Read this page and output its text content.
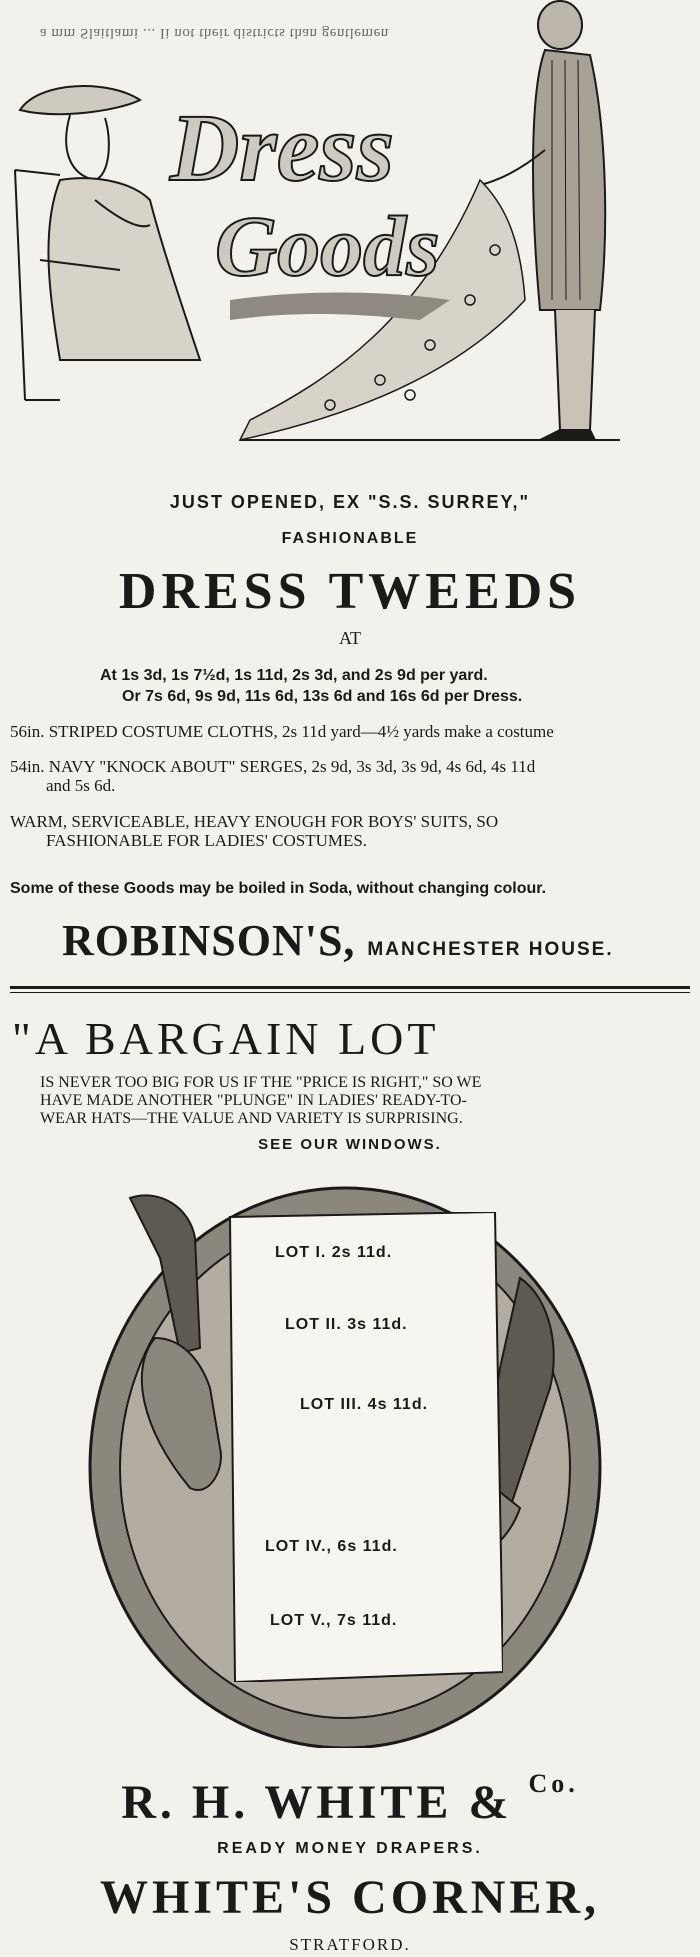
a mm Slaitlami ... Ii not their districts than gentlemen
Dress
Goods
JUST OPENED, EX "S.S. SURREY,"
FASHIONABLE
DRESS TWEEDS
AT
At 1s 3d, 1s 7½d, 1s 11d, 2s 3d, and 2s 9d per yard.
Or 7s 6d, 9s 9d, 11s 6d, 13s 6d and 16s 6d per Dress.
56in. STRIPED COSTUME CLOTHS, 2s 11d yard—4½ yards make a costume
54in. NAVY "KNOCK ABOUT" SERGES, 2s 9d, 3s 3d, 3s 9d, 4s 6d, 4s 11d
and 5s 6d.
WARM, SERVICEABLE, HEAVY ENOUGH FOR BOYS' SUITS, SO
FASHIONABLE FOR LADIES' COSTUMES.
Some of these Goods may be boiled in Soda, without changing colour.
ROBINSON'S, MANCHESTER HOUSE.
"A BARGAIN LOT
IS NEVER TOO BIG FOR US IF THE "PRICE IS RIGHT," SO WE
HAVE MADE ANOTHER "PLUNGE" IN LADIES' READY-TO-
WEAR HATS—THE VALUE AND VARIETY IS SURPRISING.
SEE OUR WINDOWS.
LOT I. 2s 11d.
LOT II. 3s 11d.
LOT III. 4s 11d.
LOT IV., 6s 11d.
LOT V., 7s 11d.
R. H. WHITE & $^{Co.}$
READY MONEY DRAPERS.
WHITE'S CORNER,
STRATFORD.
